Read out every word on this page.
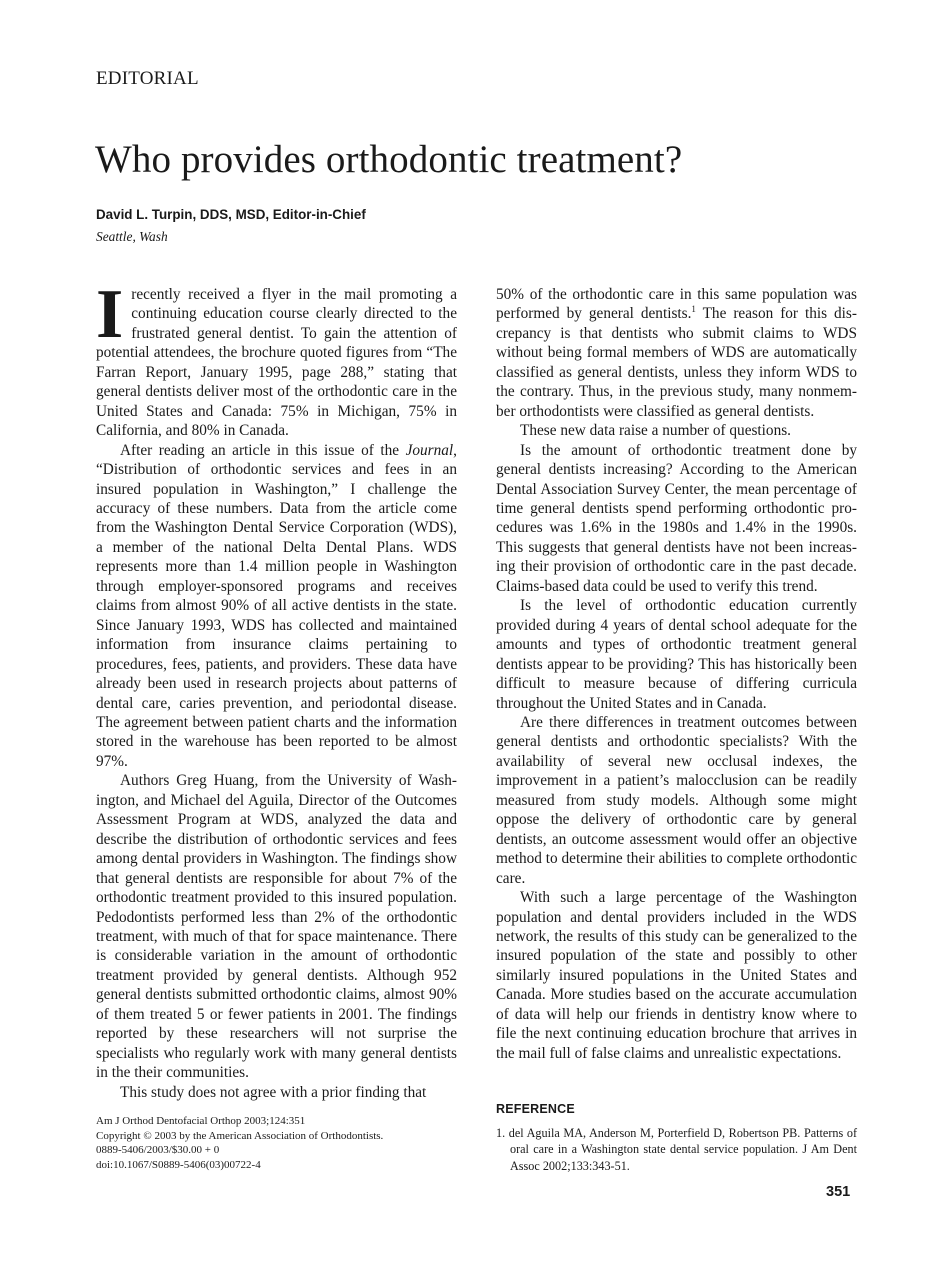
EDITORIAL
Who provides orthodontic treatment?
David L. Turpin, DDS, MSD, Editor-in-Chief
Seattle, Wash

I recently received a flyer in the mail promoting a continuing education course clearly directed to the frustrated general dentist. To gain the attention of potential attendees, the brochure quoted figures from “The Farran Report, January 1995, page 288,” stating that general dentists deliver most of the orthodontic care in the United States and Canada: 75% in Michigan, 75% in California, and 80% in Canada.

After reading an article in this issue of the Journal, “Distribution of orthodontic services and fees in an insured population in Washington,” I challenge the accuracy of these numbers. Data from the article come from the Washington Dental Service Corporation (WDS), a member of the national Delta Dental Plans. WDS represents more than 1.4 million people in Washington through employer-sponsored programs and receives claims from almost 90% of all active dentists in the state. Since January 1993, WDS has collected and maintained information from insurance claims pertaining to procedures, fees, patients, and providers. These data have already been used in research projects about patterns of dental care, caries prevention, and periodontal disease. The agreement between patient charts and the information stored in the warehouse has been reported to be almost 97%.

Authors Greg Huang, from the University of Washington, and Michael del Aguila, Director of the Outcomes Assessment Program at WDS, analyzed the data and describe the distribution of orthodontic services and fees among dental providers in Washington. The findings show that general dentists are responsible for about 7% of the orthodontic treatment provided to this insured population. Pedodontists performed less than 2% of the orthodontic treatment, with much of that for space maintenance. There is considerable variation in the amount of orthodontic treatment provided by general dentists. Although 952 general dentists submitted orthodontic claims, almost 90% of them treated 5 or fewer patients in 2001. The findings reported by these researchers will not surprise the specialists who regularly work with many general dentists in the their communities.

This study does not agree with a prior finding that

50% of the orthodontic care in this same population was performed by general dentists.$^1$ The reason for this discrepancy is that dentists who submit claims to WDS without being formal members of WDS are automatically classified as general dentists, unless they inform WDS to the contrary. Thus, in the previous study, many nonmember orthodontists were classified as general dentists.

These new data raise a number of questions.

Is the amount of orthodontic treatment done by general dentists increasing? According to the American Dental Association Survey Center, the mean percentage of time general dentists spend performing orthodontic procedures was 1.6% in the 1980s and 1.4% in the 1990s. This suggests that general dentists have not been increasing their provision of orthodontic care in the past decade. Claims-based data could be used to verify this trend.

Is the level of orthodontic education currently provided during 4 years of dental school adequate for the amounts and types of orthodontic treatment general dentists appear to be providing? This has historically been difficult to measure because of differing curricula throughout the United States and in Canada.

Are there differences in treatment outcomes between general dentists and orthodontic specialists? With the availability of several new occlusal indexes, the improvement in a patient’s malocclusion can be readily measured from study models. Although some might oppose the delivery of orthodontic care by general dentists, an outcome assessment would offer an objective method to determine their abilities to complete orthodontic care.

With such a large percentage of the Washington population and dental providers included in the WDS network, the results of this study can be generalized to the insured population of the state and possibly to other similarly insured populations in the United States and Canada. More studies based on the accurate accumulation of data will help our friends in dentistry know where to file the next continuing education brochure that arrives in the mail full of false claims and unrealistic expectations.

Am J Orthod Dentofacial Orthop 2003;124:351
Copyright © 2003 by the American Association of Orthodontists.
0889-5406/2003/$30.00 + 0
doi:10.1067/S0889-5406(03)00722-4
REFERENCE
1. del Aguila MA, Anderson M, Porterfield D, Robertson PB. Patterns of oral care in a Washington state dental service population. J Am Dent Assoc 2002;133:343-51.
351
